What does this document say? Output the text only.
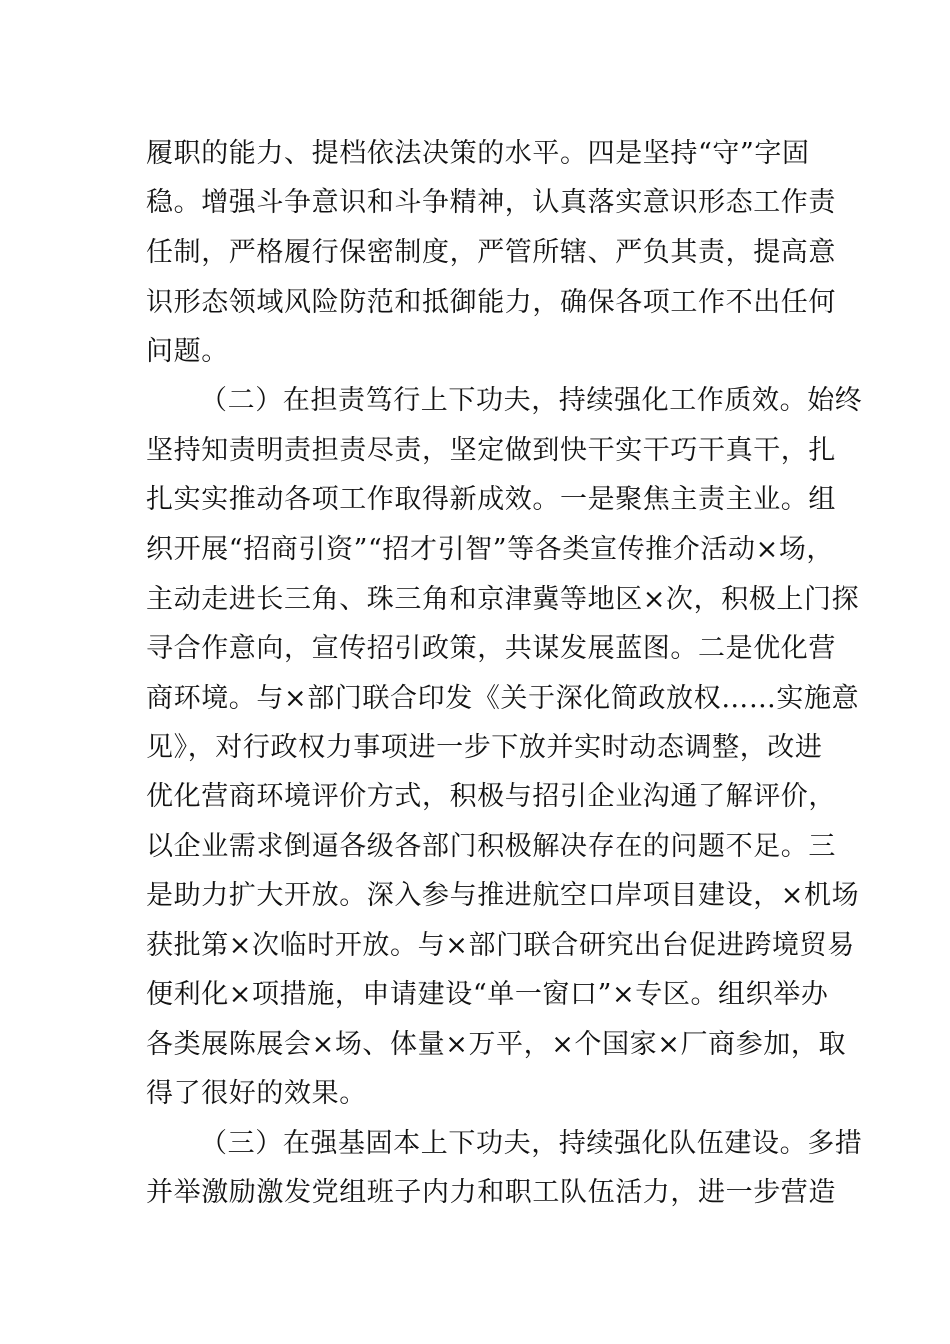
履职的能力、提档依法决策的水平。四是坚持“守”字固
稳。增强斗争意识和斗争精神，认真落实意识形态工作责
任制，严格履行保密制度，严管所辖、严负其责，提高意
识形态领域风险防范和抵御能力，确保各项工作不出任何
问题。
（二）在担责笃行上下功夫，持续强化工作质效。始终
坚持知责明责担责尽责，坚定做到快干实干巧干真干，扎
扎实实推动各项工作取得新成效。一是聚焦主责主业。组
织开展“招商引资”“招才引智”等各类宣传推介活动×场，
主动走进长三角、珠三角和京津冀等地区×次，积极上门探
寻合作意向，宣传招引政策，共谋发展蓝图。二是优化营
商环境。与×部门联合印发《关于深化简政放权……实施意
见》，对行政权力事项进一步下放并实时动态调整，改进
优化营商环境评价方式，积极与招引企业沟通了解评价，
以企业需求倒逼各级各部门积极解决存在的问题不足。三
是助力扩大开放。深入参与推进航空口岸项目建设，×机场
获批第×次临时开放。与×部门联合研究出台促进跨境贸易
便利化×项措施，申请建设“单一窗口”×专区。组织举办
各类展陈展会×场、体量×万平，×个国家×厂商参加，取
得了很好的效果。
（三）在强基固本上下功夫，持续强化队伍建设。多措
并举激励激发党组班子内力和职工队伍活力，进一步营造
